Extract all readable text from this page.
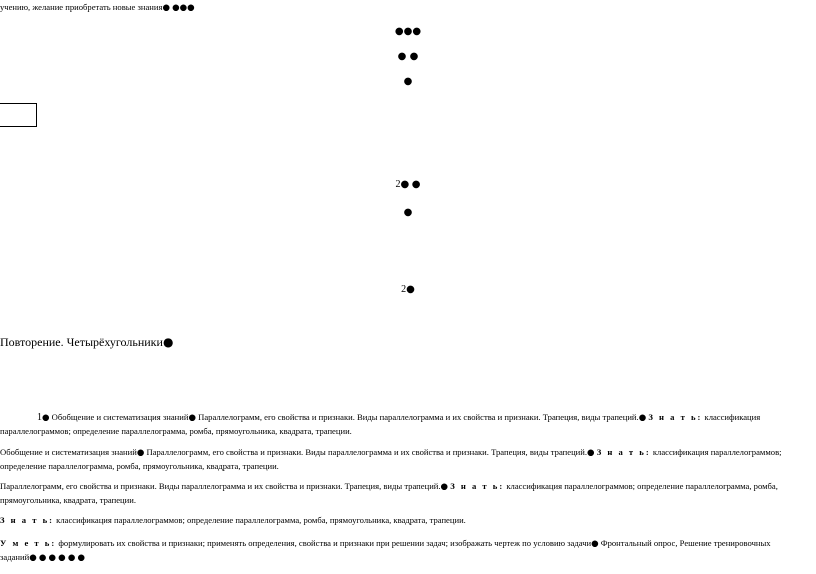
учению, желание приобретать новые знания● ●●●
●●●
● ●
●
2● ●
●
2●
Повторение. Четырёхугольники●
1● Обобщение и систематизация знаний● Параллелограмм, его свойства и признаки. Виды параллелограмма и их свойства и признаки. Трапеция, виды трапеций.● З н а т ь: классификация параллелограммов; определение параллелограмма, ромба, прямоугольника, квадрата, трапеции.
Обобщение и систематизация знаний● Параллелограмм, его свойства и признаки. Виды параллелограмма и их свойства и признаки. Трапеция, виды трапеций.● З н а т ь: классификация параллелограммов; определение параллелограмма, ромба, прямоугольника, квадрата, трапеции.
Параллелограмм, его свойства и признаки. Виды параллелограмма и их свойства и признаки. Трапеция, виды трапеций.● З н а т ь: классификация параллелограммов; определение параллелограмма, ромба, прямоугольника, квадрата, трапеции.
З н а т ь: классификация параллелограммов; определение параллелограмма, ромба, прямоугольника, квадрата, трапеции.
У м е т ь: формулировать их свойства и признаки; применять определения, свойства и признаки при решении задач; изображать чертеж по условию задачи● Фронтальный опрос, Решение тренировочных заданий● ● ● ● ● ●
